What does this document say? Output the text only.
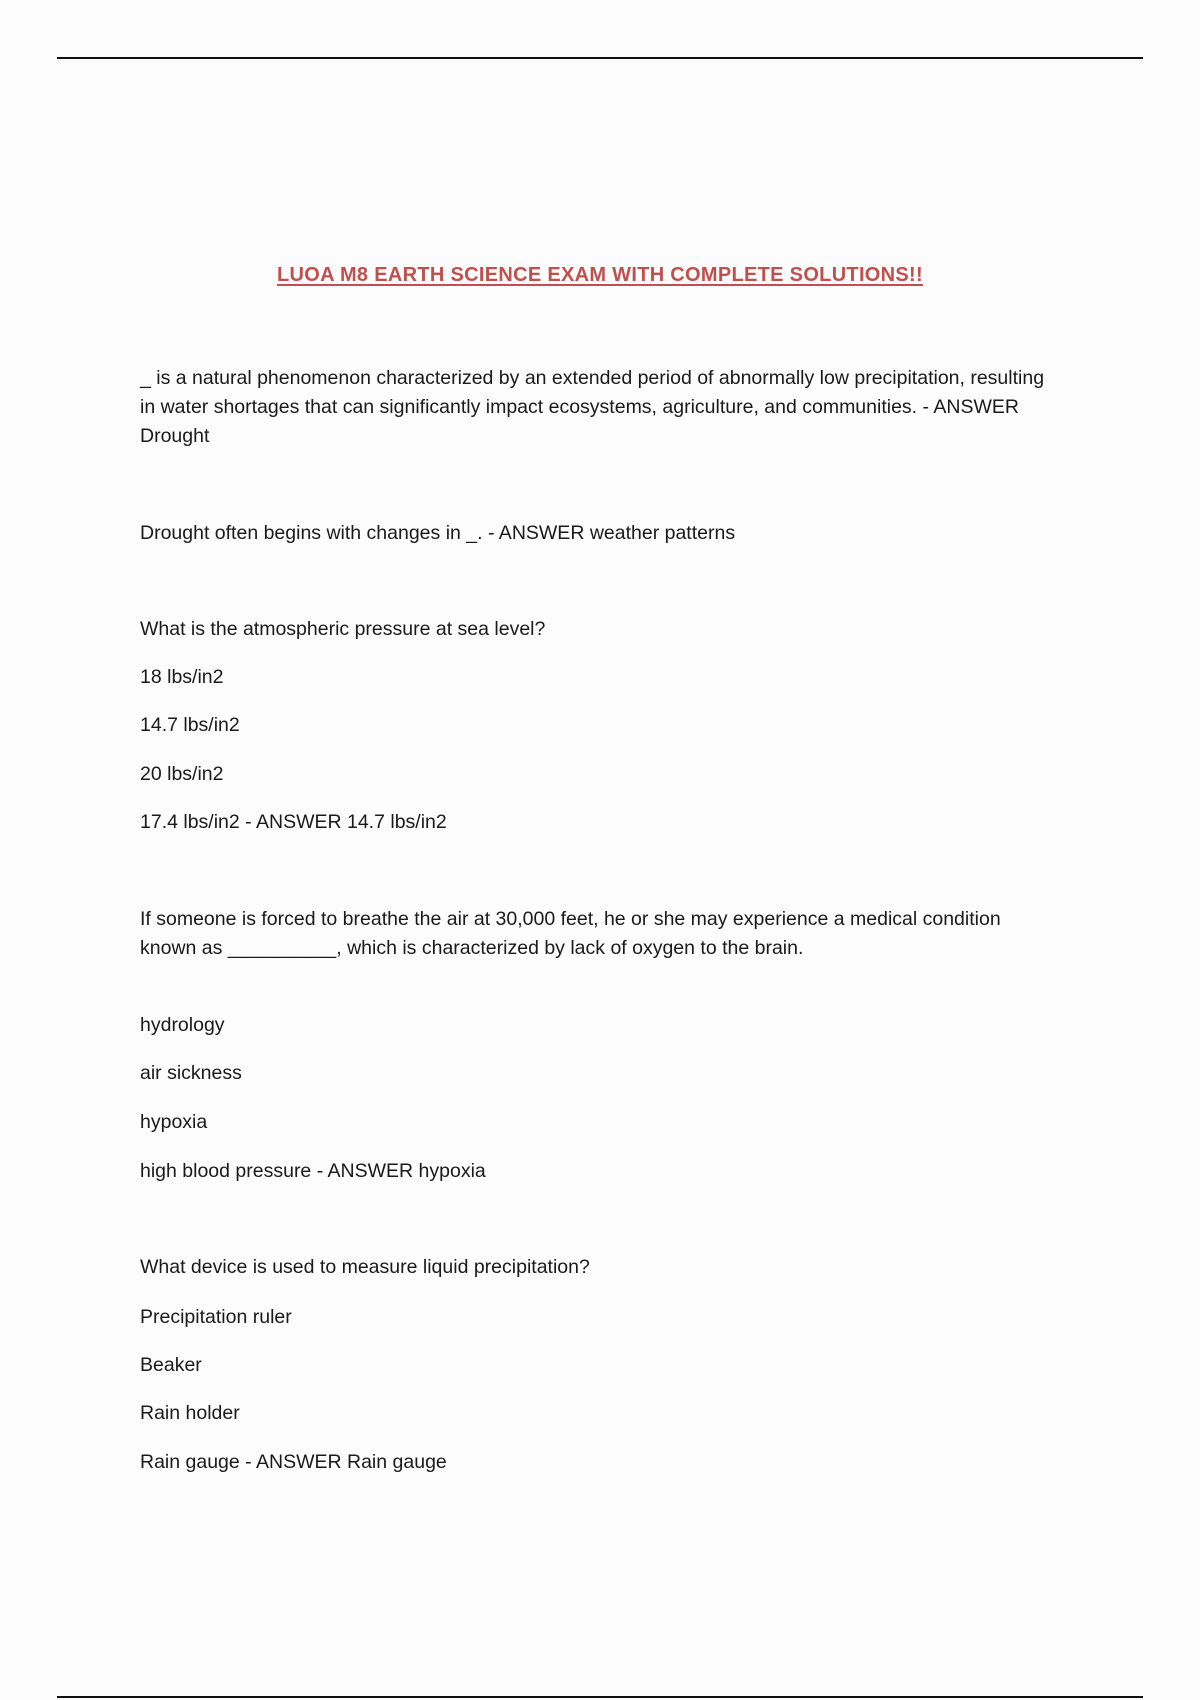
LUOA M8 EARTH SCIENCE EXAM WITH COMPLETE SOLUTIONS!!

_ is a natural phenomenon characterized by an extended period of abnormally low precipitation, resulting in water shortages that can significantly impact ecosystems, agriculture, and communities. - ANSWER Drought

Drought often begins with changes in _. - ANSWER weather patterns

What is the atmospheric pressure at sea level?

18 lbs/in2

14.7 lbs/in2

20 lbs/in2

17.4 lbs/in2 - ANSWER 14.7 lbs/in2

If someone is forced to breathe the air at 30,000 feet, he or she may experience a medical condition known as __________, which is characterized by lack of oxygen to the brain.

hydrology

air sickness

hypoxia

high blood pressure - ANSWER hypoxia

What device is used to measure liquid precipitation?

Precipitation ruler

Beaker

Rain holder

Rain gauge - ANSWER Rain gauge
